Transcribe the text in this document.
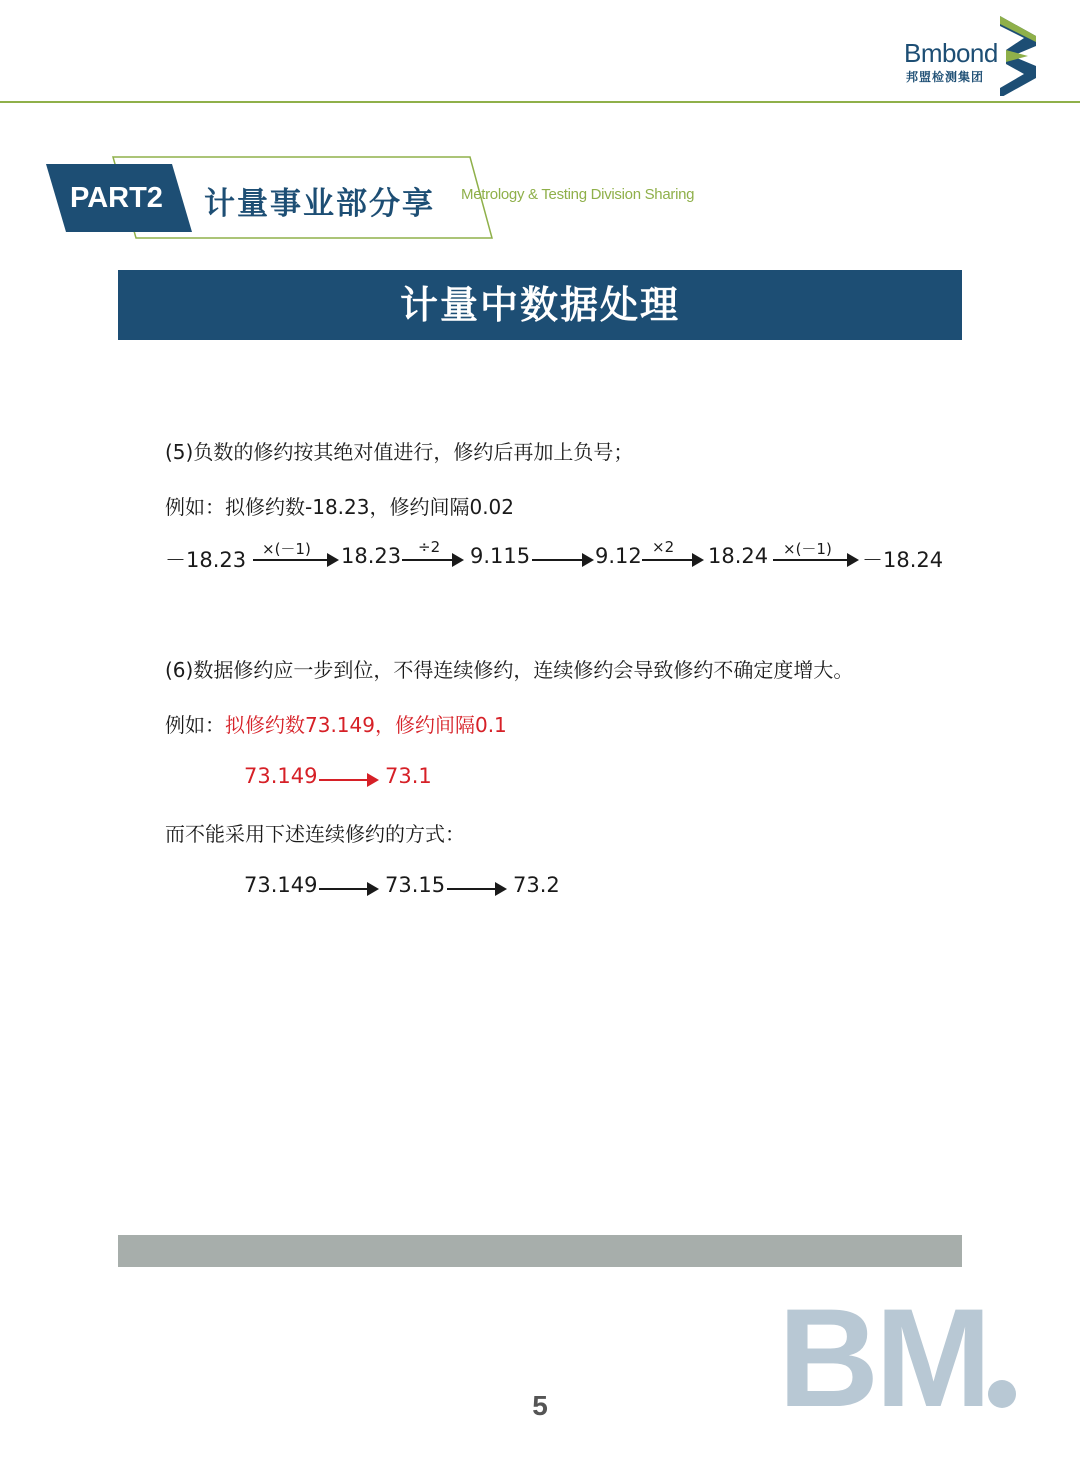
Bmbond
邦盟检测集团
PART2 计量事业部分享 Metrology & Testing Division Sharing
计量中数据处理
(5)负数的修约按其绝对值进行，修约后再加上负号；
例如：拟修约数-18.23，修约间隔0.02
－18.23 ×(－1) 18.23 ÷2 9.115	9.12 ×2 18.24 ×(－1) －18.24
(6)数据修约应一步到位，不得连续修约，连续修约会导致修约不确定度增大。
例如：拟修约数73.149，修约间隔0.1
73.149	73.1
而不能采用下述连续修约的方式：
73.149	73.15	73.2
5 BM
